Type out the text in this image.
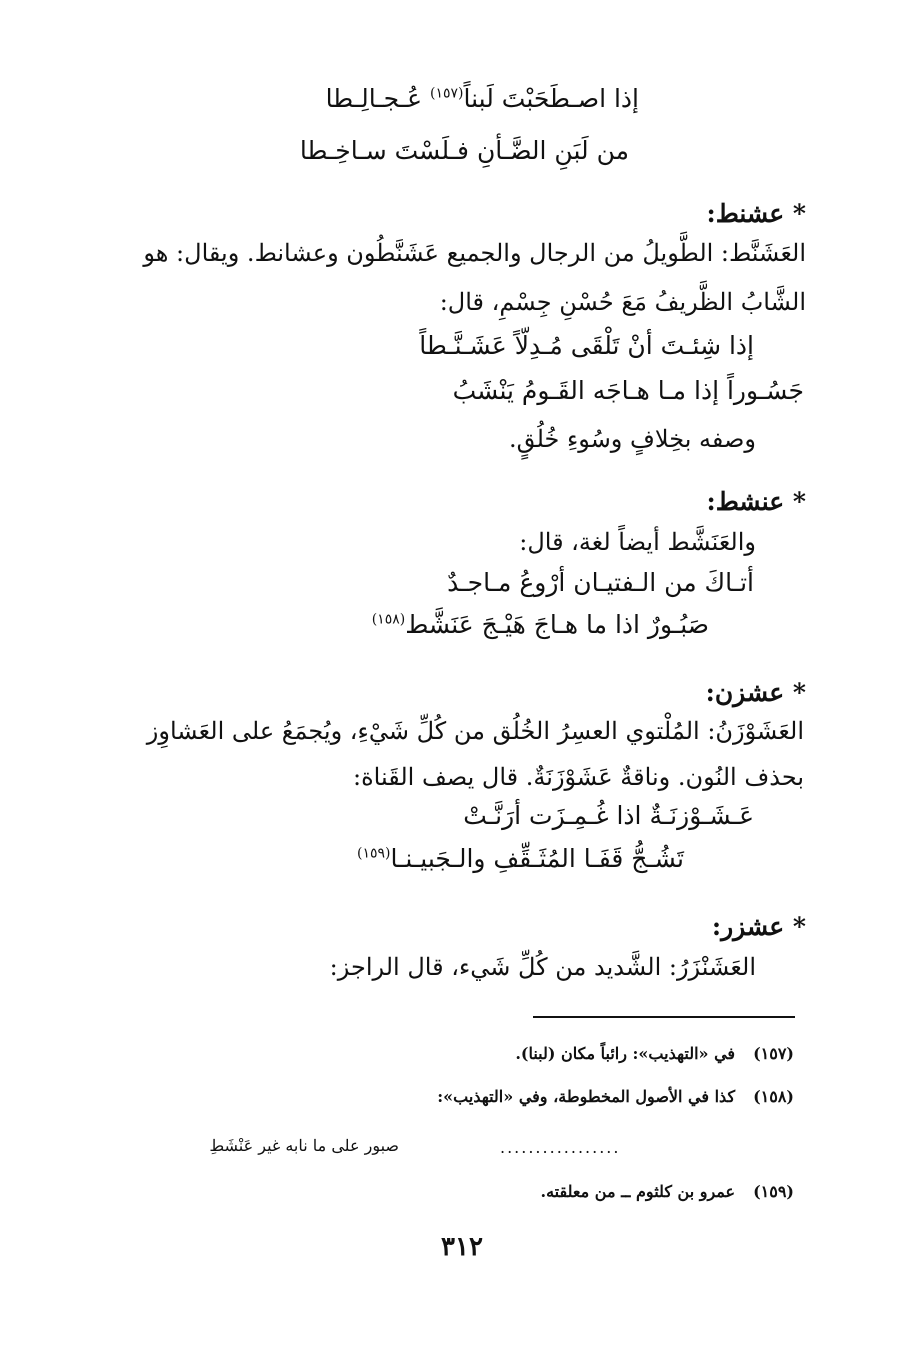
إذا اصـطَحَبْتَ لَبناً$^{(١٥٧)}$ عُـجـالِـطا
من لَبَنِ الضَّـأنِ فـلَسْتَ سـاخِـطا
* عشنط:
العَشَنَّط: الطَّويلُ من الرجال والجميع عَشَنَّطُون وعشانط. ويقال: هو
الشَّابُ الظَّريفُ مَعَ حُسْنِ جِسْمِ، قال:
إذا شِئـتَ أنْ تَلْقَى مُـدِلّاً عَشَـنَّـطاً
جَسُـوراً إذا مـا هـاجَه القَـومُ يَنْشَبُ
وصفه بخِلافٍ وسُوءِ خُلُقٍ.
* عنشط:
والعَنَشَّط أيضاً لغة، قال:
أتـاكَ من الـفتيـان أرْوعُ مـاجـدٌ
صَبُـورٌ اذا ما هـاجَ هَيْـجَ عَنَشَّط$^{(١٥٨)}$
* عشزن:
العَشَوْزَنُ: المُلْتوي العسِرُ الخُلُق من كُلِّ شَيْءِ، ويُجمَعُ على العَشاوِز
بحذف النُون. وناقةٌ عَشَوْزَنَةٌ. قال يصف القَناة:
عَـشَـوْزنَـةٌ اذا غُـمِـزَت أرَنَّـتْ
تَشُـجُّ قَفَـا المُثَـقِّفِ والـجَبيـنـا$^{(١٥٩)}$
* عشزر:
العَشَنْزَرُ: الشَّديد من كُلِّ شَيء، قال الراجز:
(١٥٧)في «التهذيب»: رائباً مكان (لبنا).
(١٥٨)كذا في الأصول المخطوطة، وفي «التهذيب»:
.................
صبور على ما نابه غير عَنْشَطِ
(١٥٩)عمرو بن كلثوم ــ من معلقته.
٣١٢
